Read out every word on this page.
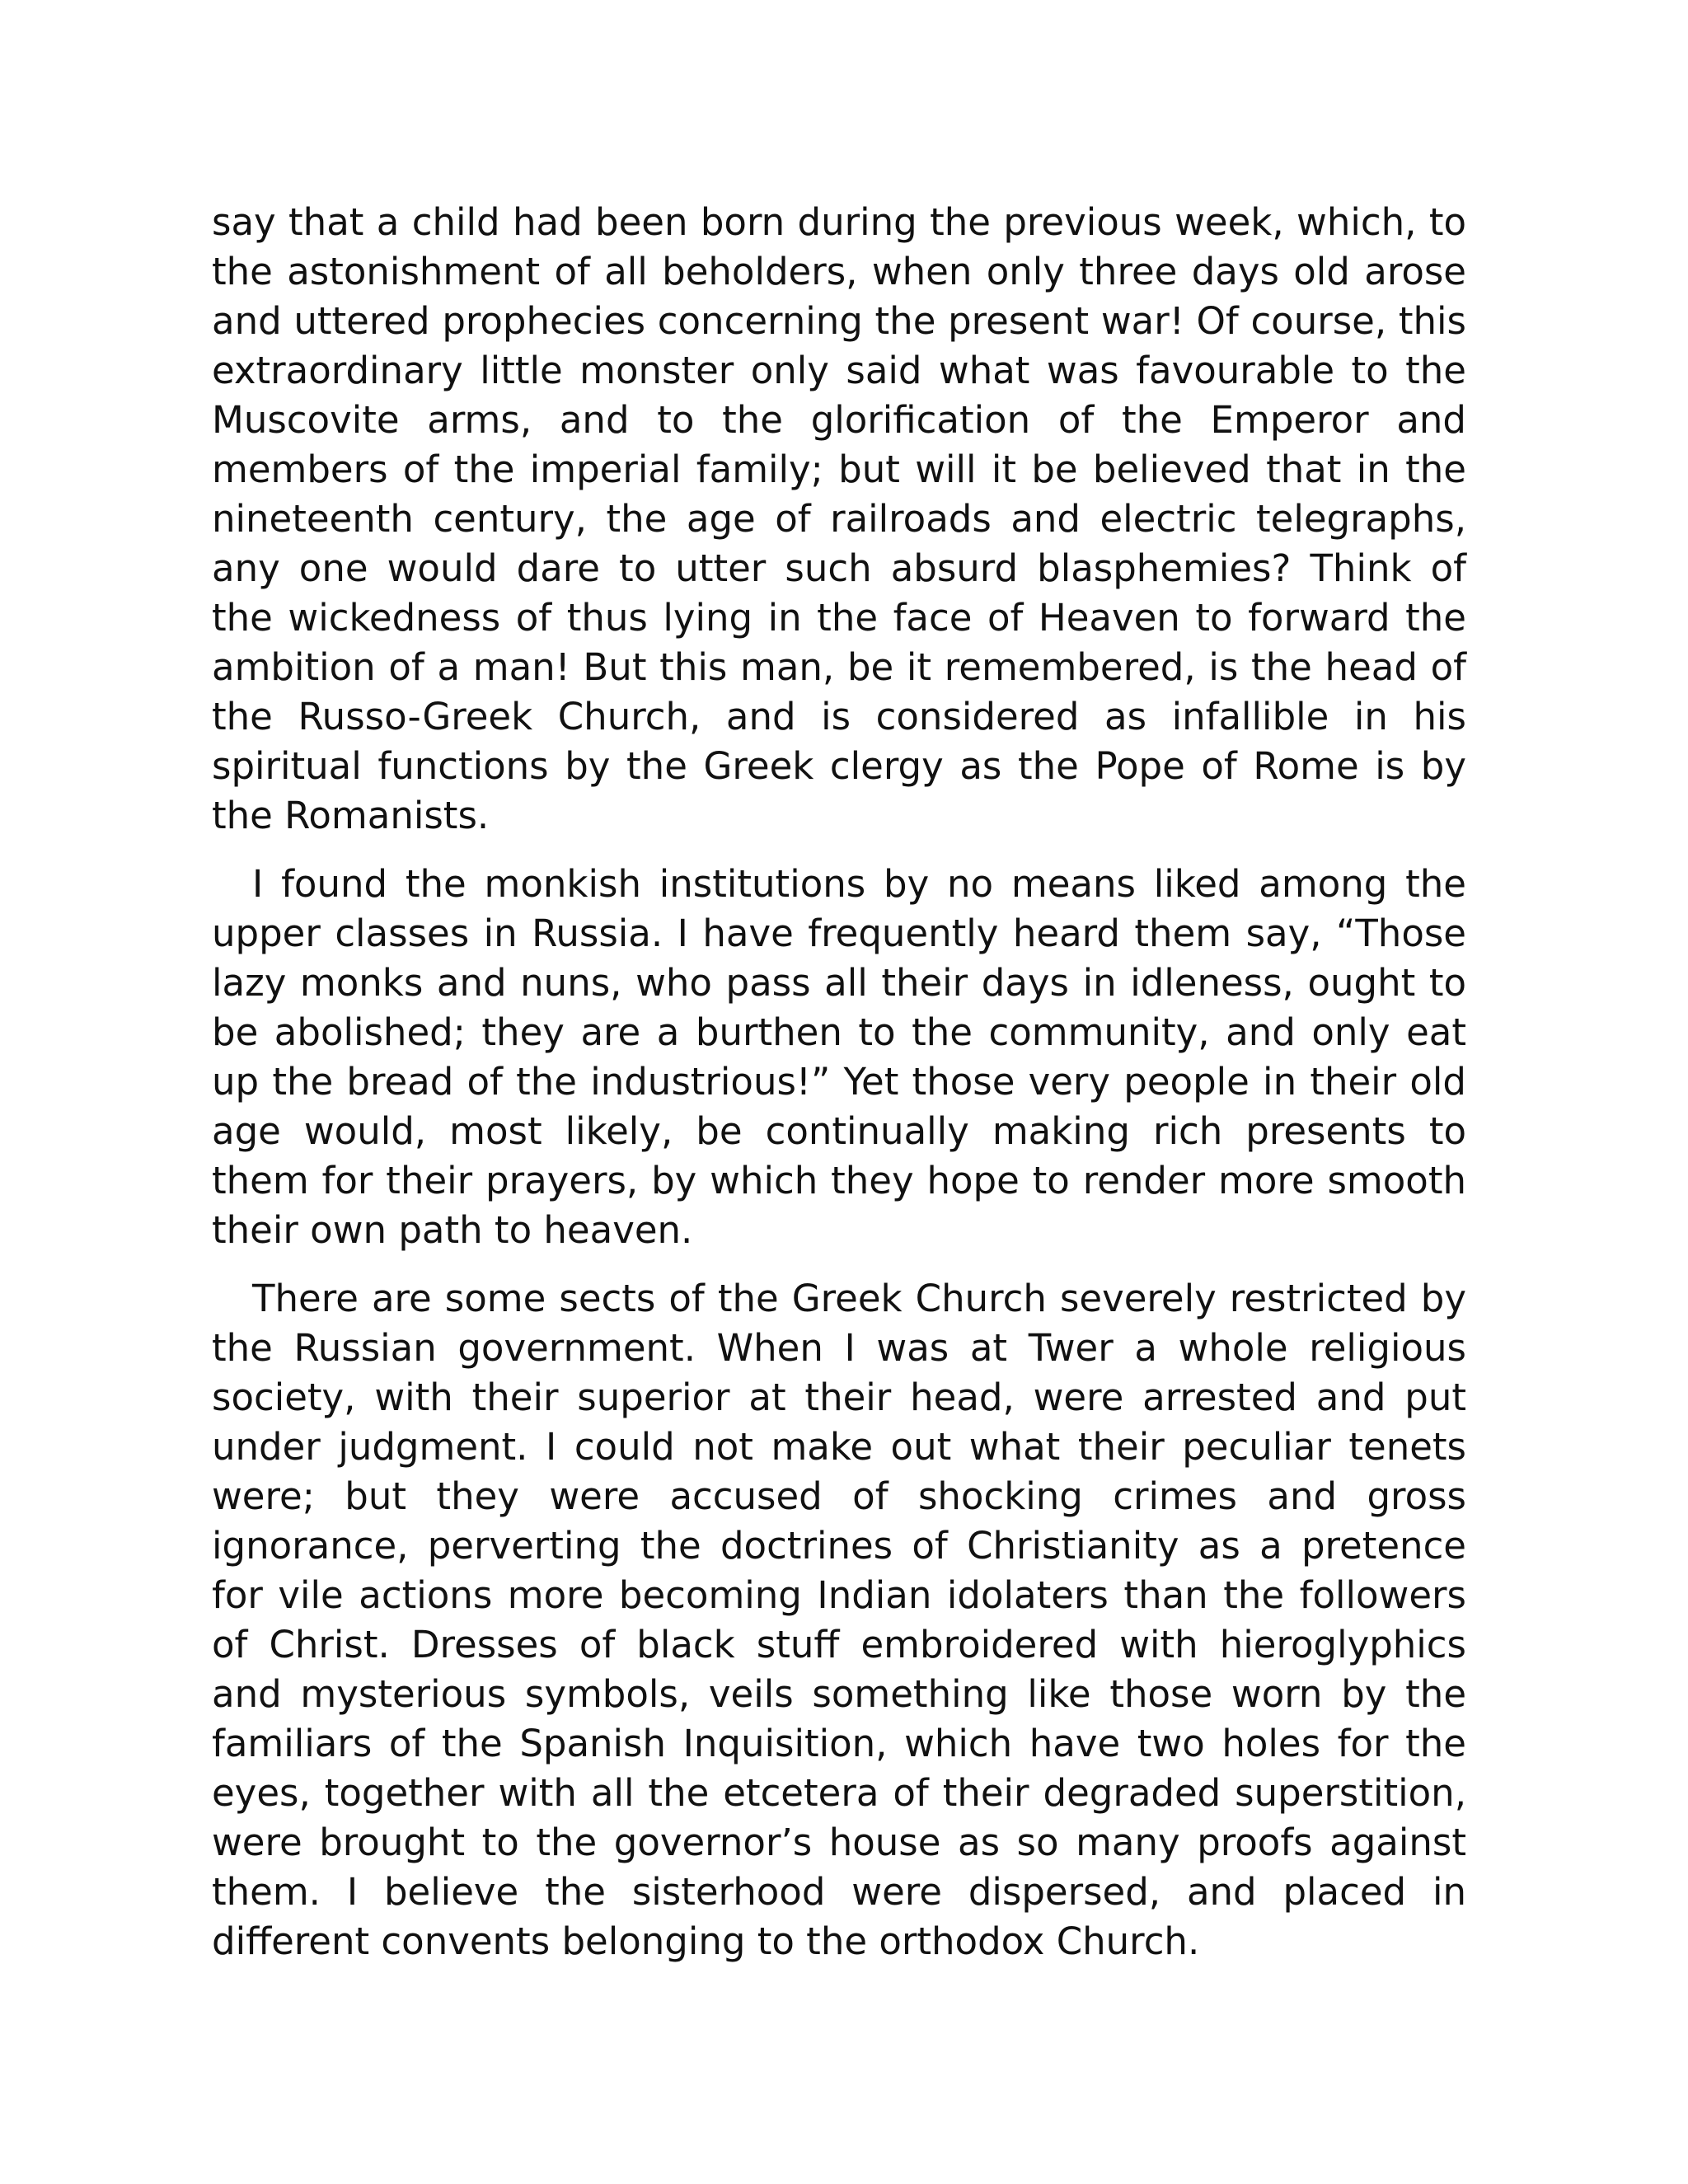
say that a child had been born during the previous week, which, to the astonishment of all beholders, when only three days old arose and uttered prophecies concerning the present war! Of course, this extraordinary little monster only said what was favourable to the Muscovite arms, and to the glorification of the Emperor and members of the imperial family; but will it be believed that in the nineteenth century, the age of railroads and electric telegraphs, any one would dare to utter such absurd blasphemies? Think of the wickedness of thus lying in the face of Heaven to forward the ambition of a man! But this man, be it remembered, is the head of the Russo-Greek Church, and is considered as infallible in his spiritual functions by the Greek clergy as the Pope of Rome is by the Romanists.

I found the monkish institutions by no means liked among the upper classes in Russia. I have frequently heard them say, “Those lazy monks and nuns, who pass all their days in idleness, ought to be abolished; they are a burthen to the community, and only eat up the bread of the industrious!” Yet those very people in their old age would, most likely, be continually making rich presents to them for their prayers, by which they hope to render more smooth their own path to heaven.

There are some sects of the Greek Church severely restricted by the Russian government. When I was at Twer a whole religious society, with their superior at their head, were arrested and put under judgment. I could not make out what their peculiar tenets were; but they were accused of shocking crimes and gross ignorance, perverting the doctrines of Christianity as a pretence for vile actions more becoming Indian idolaters than the followers of Christ. Dresses of black stuff embroidered with hieroglyphics and mysterious symbols, veils something like those worn by the familiars of the Spanish Inquisition, which have two holes for the eyes, together with all the etcetera of their degraded superstition, were brought to the governor’s house as so many proofs against them. I believe the sisterhood were dispersed, and placed in different convents belonging to the orthodox Church.
